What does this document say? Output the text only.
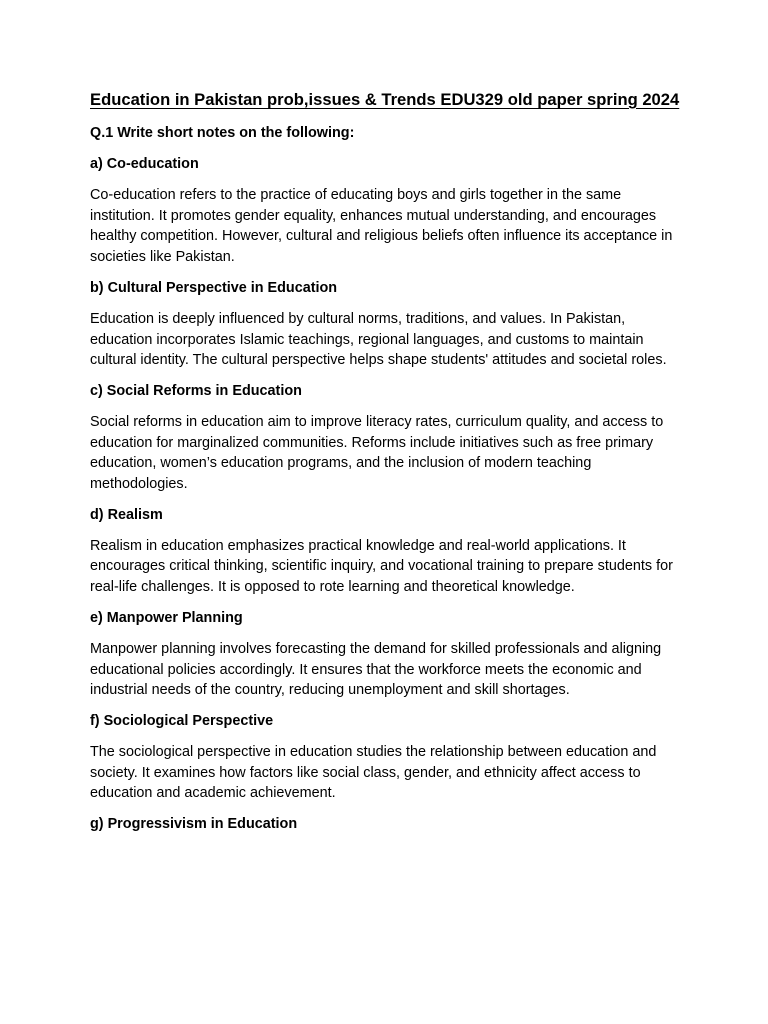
Education in Pakistan prob,issues & Trends EDU329 old paper spring 2024

Q.1 Write short notes on the following:

a) Co-education

Co-education refers to the practice of educating boys and girls together in the same institution. It promotes gender equality, enhances mutual understanding, and encourages healthy competition. However, cultural and religious beliefs often influence its acceptance in societies like Pakistan.

b) Cultural Perspective in Education

Education is deeply influenced by cultural norms, traditions, and values. In Pakistan, education incorporates Islamic teachings, regional languages, and customs to maintain cultural identity. The cultural perspective helps shape students' attitudes and societal roles.

c) Social Reforms in Education

Social reforms in education aim to improve literacy rates, curriculum quality, and access to education for marginalized communities. Reforms include initiatives such as free primary education, women’s education programs, and the inclusion of modern teaching methodologies.

d) Realism

Realism in education emphasizes practical knowledge and real-world applications. It encourages critical thinking, scientific inquiry, and vocational training to prepare students for real-life challenges. It is opposed to rote learning and theoretical knowledge.

e) Manpower Planning

Manpower planning involves forecasting the demand for skilled professionals and aligning educational policies accordingly. It ensures that the workforce meets the economic and industrial needs of the country, reducing unemployment and skill shortages.

f) Sociological Perspective

The sociological perspective in education studies the relationship between education and society. It examines how factors like social class, gender, and ethnicity affect access to education and academic achievement.

g) Progressivism in Education
